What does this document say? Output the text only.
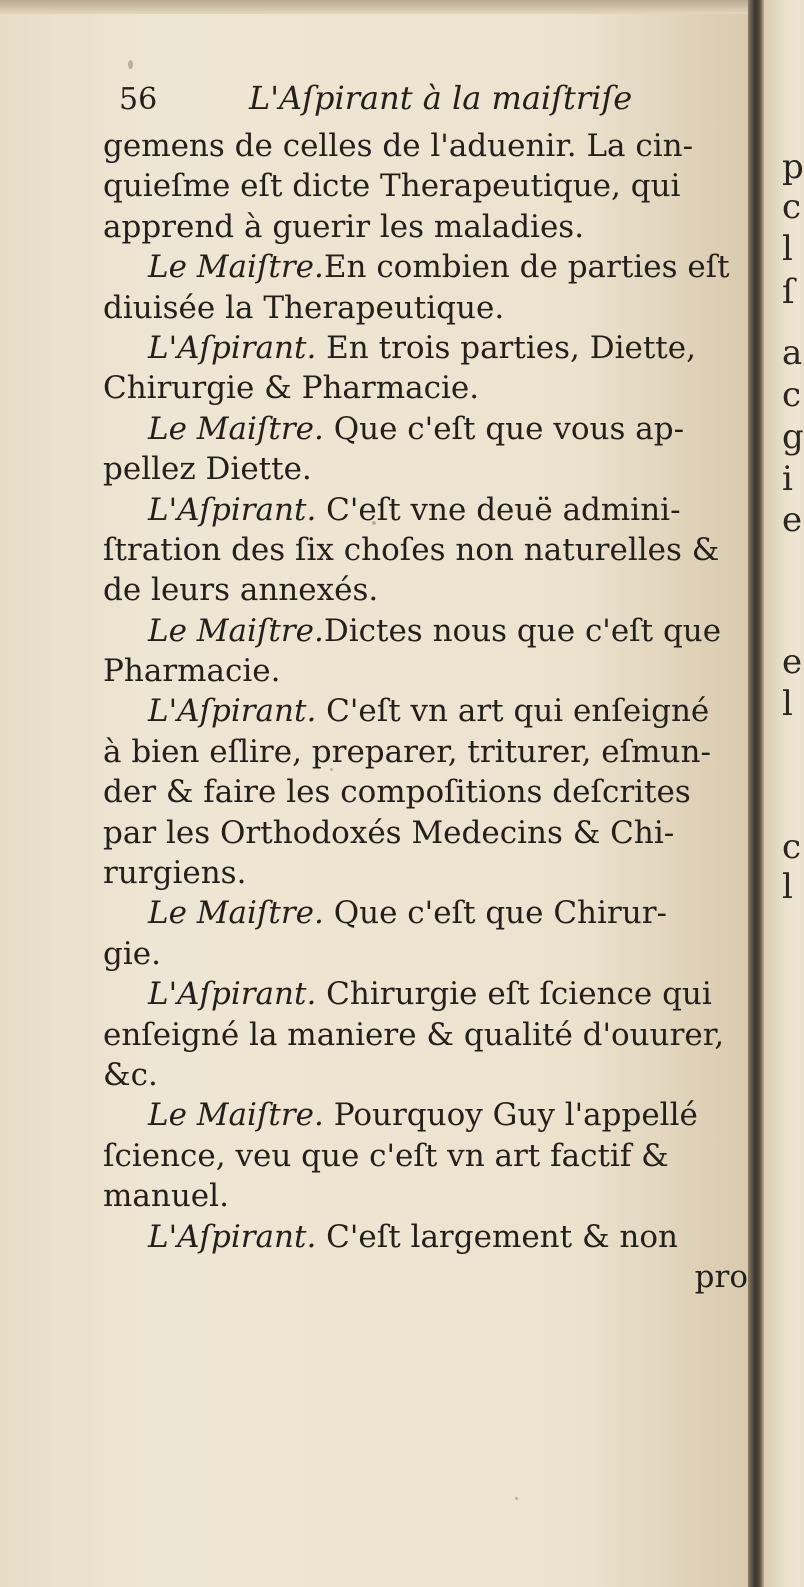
56	L'Aſpirant à la maiſtriſe
gemens de celles de l'aduenir. La cin-
quieſme eſt dicte Therapeutique, qui
apprend à guerir les maladies.
Le Maiſtre.En combien de parties eſt
diuisée la Therapeutique.
L'Aſpirant. En trois parties, Diette,
Chirurgie & Pharmacie.
Le Maiſtre. Que c'eſt que vous ap-
pellez Diette.
L'Aſpirant. C'eſt vne deuë admini-
ſtration des ſix choſes non naturelles &
de leurs annexés.
Le Maiſtre.Dictes nous que c'eſt que
Pharmacie.
L'Aſpirant. C'eſt vn art qui enſeigné
à bien eſlire, preparer, triturer, eſmun-
der & faire les compoſitions deſcrites
par les Orthodoxés Medecins & Chi-
rurgiens.
Le Maiſtre. Que c'eſt que Chirur-
gie.
L'Aſpirant. Chirurgie eſt ſcience qui
enſeigné la maniere & qualité d'ouurer,
&c.
Le Maiſtre. Pourquoy Guy l'appellé
ſcience, veu que c'eſt vn art factif &
manuel.
L'Aſpirant. C'eſt largement & non
pro
p
c
l
ſ
a
c
g
i
e
e
l
c
l
